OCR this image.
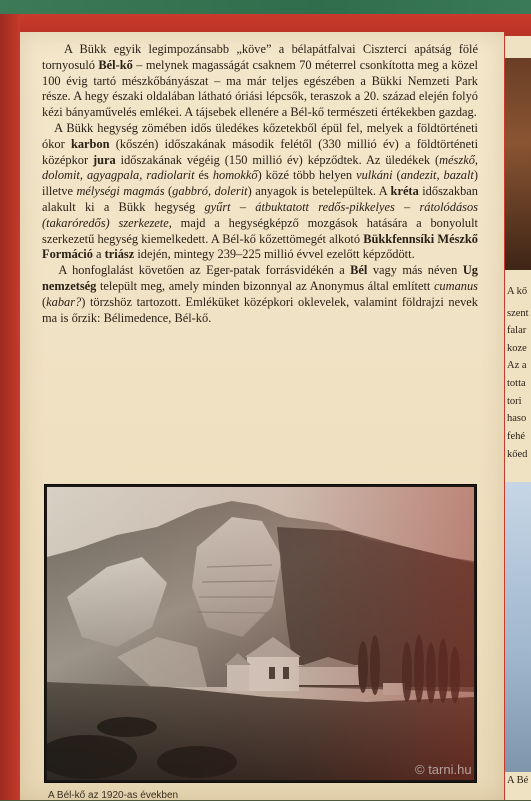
A Bükk egyik legimpozánsabb „köve” a bélapátfalvai Ciszterci apátság fölé tornyosuló Bél-kő – melynek magasságát csaknem 70 méterrel csonkította meg a közel 100 évig tartó mészkőbányászat – ma már teljes egészében a Bükki Nemzeti Park része. A hegy északi oldalában látható óriási lépcsők, teraszok a 20. század elején folyó kézi bányaművelés emlékei. A tájsebek ellenére a Bél-kő természeti értékekben gazdag.

A Bükk hegység zömében idős üledékes kőzetekből épül fel, melyek a földtörténeti ókor karbon (kőszén) időszakának második felétől (330 millió év) a földtörténeti középkor jura időszakának végéig (150 millió év) képződtek. Az üledékek (mészkő, dolomit, agyagpala, radiolarit és homokkő) közé több helyen vulkáni (andezit, bazalt) illetve mélységi magmás (gabbró, dolerit) anyagok is betelepültek. A kréta időszakban alakult ki a Bükk hegység gyűrt – átbuktatott redős-pikkelyes – rátolódásos (takaróredős) szerkezete, majd a hegységképző mozgások hatására a bonyolult szerkezetű hegység kiemelkedett. A Bél-kő kőzettömegét alkotó Bükkfennsíki Mészkő Formáció a triász idején, mintegy 239–225 millió évvel ezelőtt képződött.

A honfoglalást követően az Eger-patak forrásvidékén a Bél vagy más néven Ug nemzetség települt meg, amely minden bizonnyal az Anonymus által említett cumanus (kabar?) törzshöz tartozott. Emléküket középkori oklevelek, valamint földrajzi nevek ma is őrzik: Bélimedence, Bél-kő.

A Bél-kő az 1920-as években
A kő
szent
falar
koze
Az a
totta
tori
haso
fehé
kőed
A Bé
© tarni.hu
